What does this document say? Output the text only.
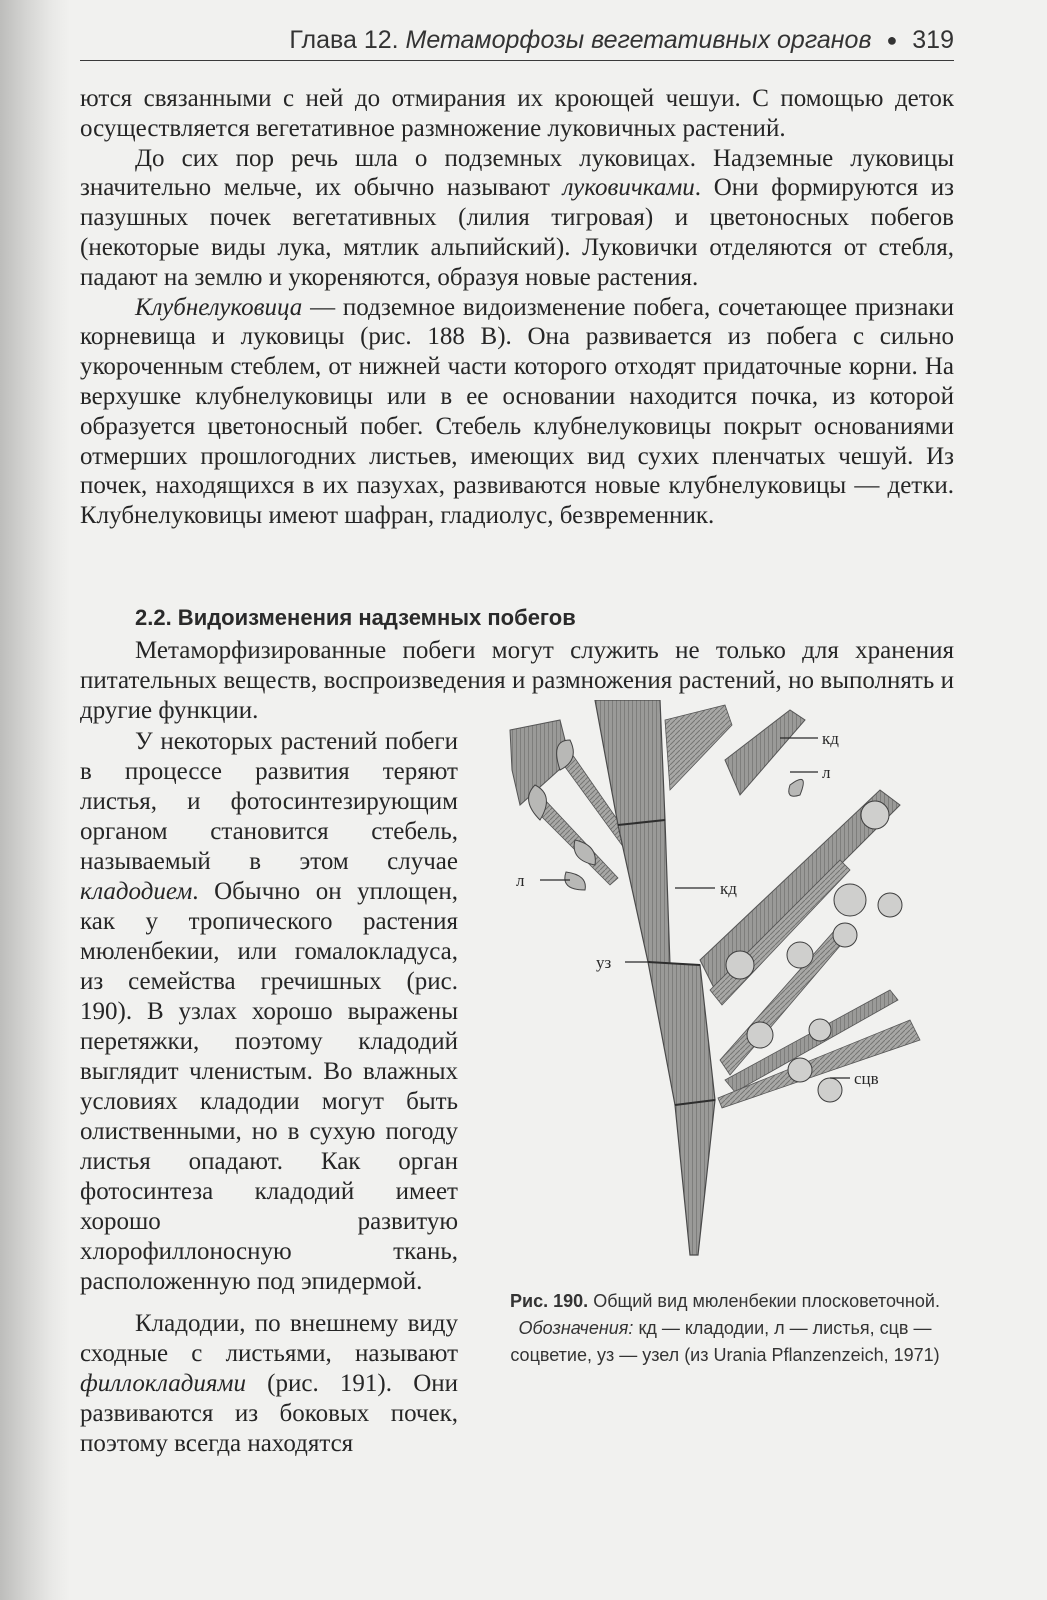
Глава 12. Метаморфозы вегетативных органов ● 319

ются связанными с ней до отмирания их кроющей чешуи. С помощью деток осуществляется вегетативное размножение луковичных растений.

До сих пор речь шла о подземных луковицах. Надземные луковицы значительно мельче, их обычно называют луковичками. Они формируются из пазушных почек вегетативных (лилия тигровая) и цветоносных побегов (некоторые виды лука, мятлик альпийский). Луковички отделяются от стебля, падают на землю и укореняются, образуя новые растения.

Клубнелуковица — подземное видоизменение побега, сочетающее признаки корневища и луковицы (рис. 188 В). Она развивается из побега с сильно укороченным стеблем, от нижней части которого отходят придаточные корни. На верхушке клубнелуковицы или в ее основании находится почка, из которой образуется цветоносный побег. Стебель клубнелуковицы покрыт основаниями отмерших прошлогодних листьев, имеющих вид сухих пленчатых чешуй. Из почек, находящихся в их пазухах, развиваются новые клубнелуковицы — детки. Клубнелуковицы имеют шафран, гладиолус, безвременник.

2.2. Видоизменения надземных побегов

Метаморфизированные побеги могут служить не только для хранения питательных веществ, воспроизведения и размножения растений, но выполнять и другие функции.

У некоторых растений побеги в процессе развития теряют листья, и фотосинтезирующим органом становится стебель, называемый в этом случае кладодием. Обычно он уплощен, как у тропического растения мюленбекии, или гомалокладуса, из семейства гречишных (рис. 190). В узлах хорошо выражены перетяжки, поэтому кладодий выглядит членистым. Во влажных условиях кладодии могут быть олиственными, но в сухую погоду листья опадают. Как орган фотосинтеза кладодий имеет хорошо развитую хлорофиллоносную ткань, расположенную под эпидермой.

Кладодии, по внешнему виду сходные с листьями, называют филлокладиями (рис. 191). Они развиваются из боковых почек, поэтому всегда находятся

кд
л
л	кд
уз
сцв
Рис. 190. Общий вид мюленбекии плосковеточной.
Обозначения: кд — кладодии, л — листья, сцв — соцветие, уз — узел (из Urania Pflanzenzeich, 1971)
